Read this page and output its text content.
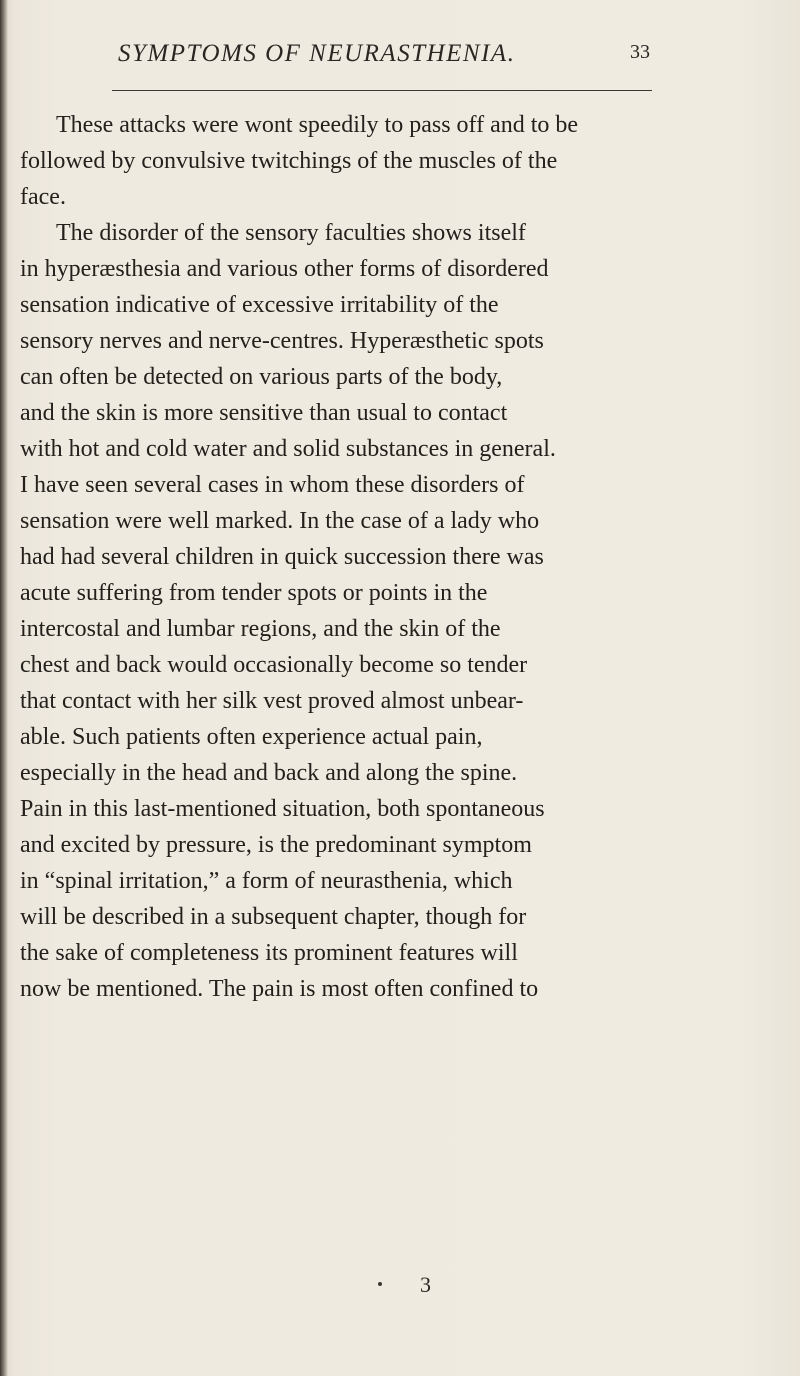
SYMPTOMS OF NEURASTHENIA.	33
These attacks were wont speedily to pass off and to be
followed by convulsive twitchings of the muscles of the
face.
The disorder of the sensory faculties shows itself
in hyperæsthesia and various other forms of disordered
sensation indicative of excessive irritability of the
sensory nerves and nerve-centres. Hyperæsthetic spots
can often be detected on various parts of the body,
and the skin is more sensitive than usual to contact
with hot and cold water and solid substances in general.
I have seen several cases in whom these disorders of
sensation were well marked. In the case of a lady who
had had several children in quick succession there was
acute suffering from tender spots or points in the
intercostal and lumbar regions, and the skin of the
chest and back would occasionally become so tender
that contact with her silk vest proved almost unbear-
able. Such patients often experience actual pain,
especially in the head and back and along the spine.
Pain in this last-mentioned situation, both spontaneous
and excited by pressure, is the predominant symptom
in “spinal irritation,” a form of neurasthenia, which
will be described in a subsequent chapter, though for
the sake of completeness its prominent features will
now be mentioned. The pain is most often confined to
3
